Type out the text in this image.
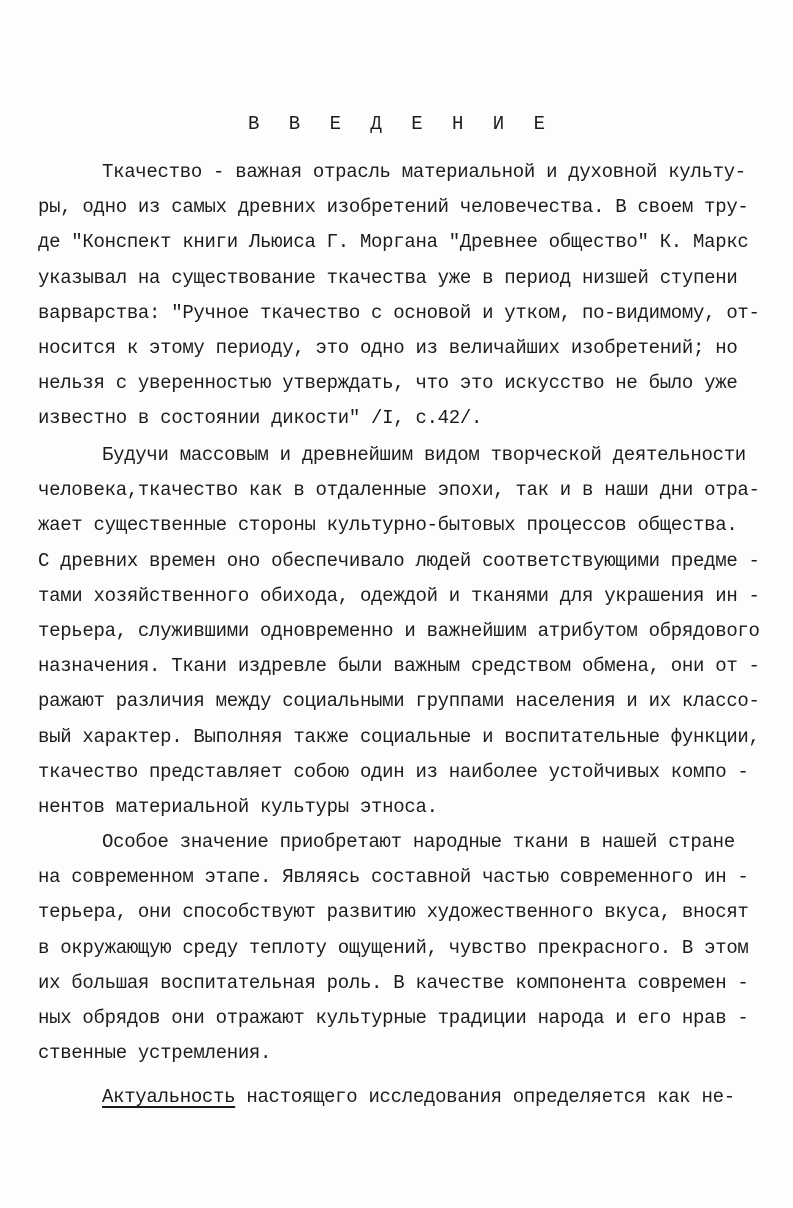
В В Е Д Е Н И Е

Ткачество - важная отрасль материальной и духовной культу-
ры, одно из самых древних изобретений человечества. В своем тру-
де "Конспект книги Льюиса Г. Моргана "Древнее общество" К. Маркс
указывал на существование ткачества уже в период низшей ступени
варварства: "Ручное ткачество с основой и утком, по-видимому, от-
носится к этому периоду, это одно из величайших изобретений; но
нельзя с уверенностью утверждать, что это искусство не было уже
известно в состоянии дикости" /I, с.42/.

Будучи массовым и древнейшим видом творческой деятельности
человека,ткачество как в отдаленные эпохи, так и в наши дни отра-
жает существенные стороны культурно-бытовых процессов общества.
С древних времен оно обеспечивало людей соответствующими предме -
тами хозяйственного обихода, одеждой и тканями для украшения ин -
терьера, служившими одновременно и важнейшим атрибутом обрядового
назначения. Ткани издревле были важным средством обмена, они от -
ражают различия между социальными группами населения и их классо-
вый характер. Выполняя также социальные и воспитательные функции,
ткачество представляет собою один из наиболее устойчивых компо -
нентов материальной культуры этноса.

Особое значение приобретают народные ткани в нашей стране
на современном этапе. Являясь составной частью современного ин -
терьера, они способствуют развитию художественного вкуса, вносят
в окружающую среду теплоту ощущений, чувство прекрасного. В этом
их большая воспитательная роль. В качестве компонента современ -
ных обрядов они отражают культурные традиции народа и его нрав -
ственные устремления.

Актуальность настоящего исследования определяется как не-
